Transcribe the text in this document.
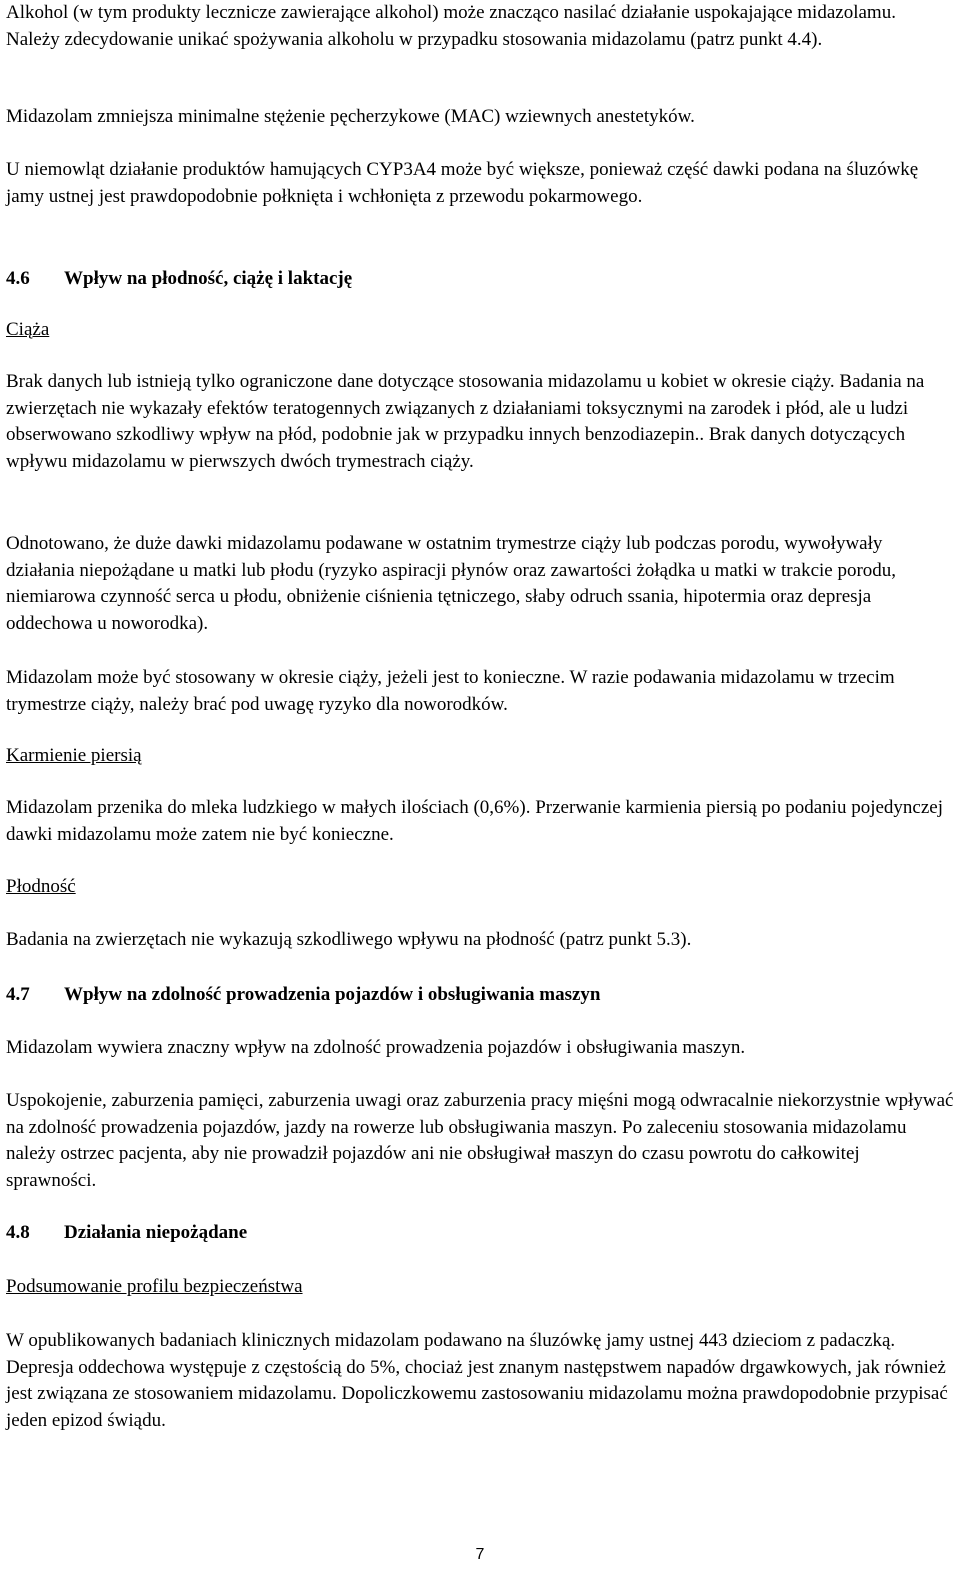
Alkohol (w tym produkty lecznicze zawierające alkohol) może znacząco nasilać działanie uspokajające midazolamu. Należy zdecydowanie unikać spożywania alkoholu w przypadku stosowania midazolamu (patrz punkt 4.4).

Midazolam zmniejsza minimalne stężenie pęcherzykowe (MAC) wziewnych anestetyków.

U niemowląt działanie produktów hamujących CYP3A4 może być większe, ponieważ część dawki podana na śluzówkę jamy ustnej jest prawdopodobnie połknięta i wchłonięta z przewodu pokarmowego.

4.6	Wpływ na płodność, ciążę i laktację

Ciąża

Brak danych lub istnieją tylko ograniczone dane dotyczące stosowania midazolamu u kobiet w okresie ciąży. Badania na zwierzętach nie wykazały efektów teratogennych związanych z działaniami toksycznymi na zarodek i płód, ale u ludzi obserwowano szkodliwy wpływ na płód, podobnie jak w przypadku innych benzodiazepin.. Brak danych dotyczących wpływu midazolamu w pierwszych dwóch trymestrach ciąży.

Odnotowano, że duże dawki midazolamu podawane w ostatnim trymestrze ciąży lub podczas porodu, wywoływały działania niepożądane u matki lub płodu (ryzyko aspiracji płynów oraz zawartości żołądka u matki w trakcie porodu, niemiarowa czynność serca u płodu, obniżenie ciśnienia tętniczego, słaby odruch ssania, hipotermia oraz depresja oddechowa u noworodka).

Midazolam może być stosowany w okresie ciąży, jeżeli jest to konieczne. W razie podawania midazolamu w trzecim trymestrze ciąży, należy brać pod uwagę ryzyko dla noworodków.

Karmienie piersią

Midazolam przenika do mleka ludzkiego w małych ilościach (0,6%). Przerwanie karmienia piersią po podaniu pojedynczej dawki midazolamu może zatem nie być konieczne.

Płodność

Badania na zwierzętach nie wykazują szkodliwego wpływu na płodność (patrz punkt 5.3).

4.7	Wpływ na zdolność prowadzenia pojazdów i obsługiwania maszyn

Midazolam wywiera znaczny wpływ na zdolność prowadzenia pojazdów i obsługiwania maszyn.

Uspokojenie, zaburzenia pamięci, zaburzenia uwagi oraz zaburzenia pracy mięśni mogą odwracalnie niekorzystnie wpływać na zdolność prowadzenia pojazdów, jazdy na rowerze lub obsługiwania maszyn. Po zaleceniu stosowania midazolamu należy ostrzec pacjenta, aby nie prowadził pojazdów ani nie obsługiwał maszyn do czasu powrotu do całkowitej sprawności.

4.8	Działania niepożądane

Podsumowanie profilu bezpieczeństwa

W opublikowanych badaniach klinicznych midazolam podawano na śluzówkę jamy ustnej 443 dzieciom z padaczką. Depresja oddechowa występuje z częstością do 5%, chociaż jest znanym następstwem napadów drgawkowych, jak również jest związana ze stosowaniem midazolamu. Dopoliczkowemu zastosowaniu midazolamu można prawdopodobnie przypisać jeden epizod świądu.

7
